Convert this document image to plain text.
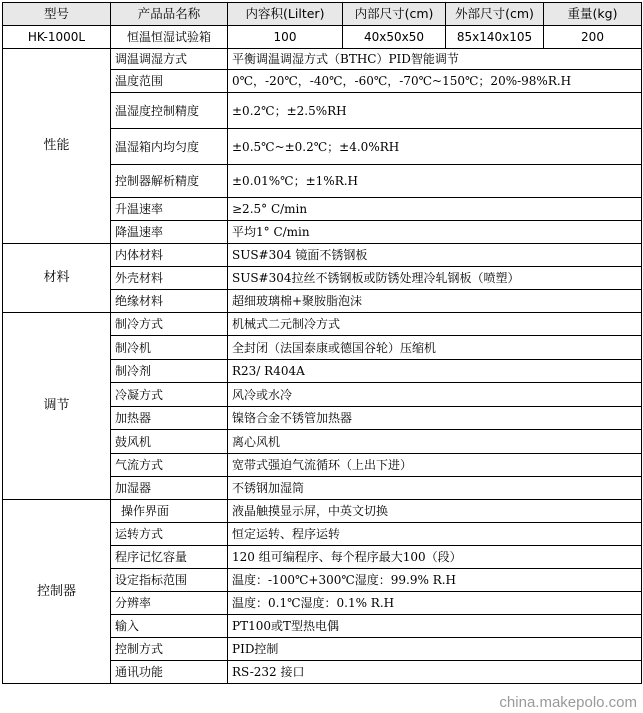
型号	产品品名称	内容积(Lilter)	内部尺寸(cm)	外部尺寸(cm)	重量(kg)
HK-1000L	恒温恒湿试验箱	100	40x50x50	85x140x105	200
性能	调温调湿方式	平衡调温调湿方式（BTHC）PID智能调节			
	温度范围	0℃，-20℃，-40℃，-60℃，-70℃~150℃；20%-98%R.H			
	温湿度控制精度	±0.2℃；±2.5%RH			
	温湿箱内均匀度	±0.5℃~±0.2℃；±4.0%RH			
	控制器解析精度	±0.01%℃；±1%R.H			
	升温速率	≥2.5° C/min			
	降温速率	平均1° C/min			
材料	内体材料	SUS#304 镜面不锈钢板			
	外壳材料	SUS#304拉丝不锈钢板或防锈处理冷轧钢板（喷塑）			
	绝缘材料	超细玻璃棉+聚胺脂泡沫			
调节	制冷方式	机械式二元制冷方式			
	制冷机	全封闭（法国泰康或德国谷轮）压缩机			
	制冷剂	R23/ R404A			
	冷凝方式	风冷或水冷			
	加热器	镍铬合金不锈管加热器			
	鼓风机	离心风机			
	气流方式	宽带式强迫气流循环（上出下进）			
	加湿器	不锈钢加湿筒			
控制器	操作界面	液晶触摸显示屏，中英文切换			
	运转方式	恒定运转、程序运转			
	程序记忆容量	120 组可编程序、每个程序最大100（段）			
	设定指标范围	温度：-100℃+300℃湿度：99.9% R.H			
	分辨率	温度：0.1℃湿度：0.1% R.H			
	输入	PT100或T型热电偶			
	控制方式	PID控制			
	通讯功能	RS-232 接口			
china.makepolo.com
